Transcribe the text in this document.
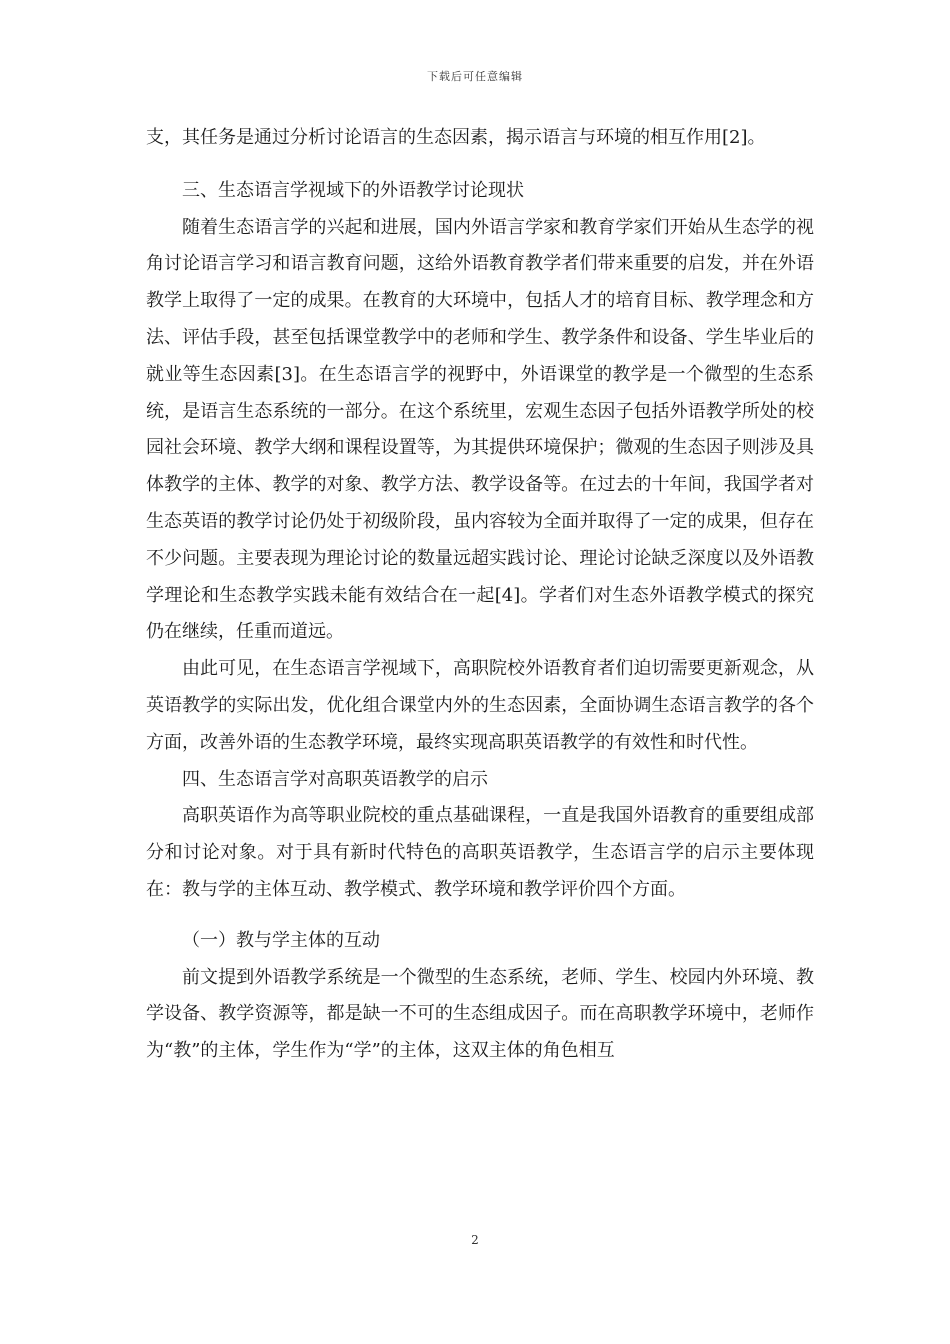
下载后可任意编辑

支，其任务是通过分析讨论语言的生态因素，揭示语言与环境的相互作用[2]。

三、生态语言学视域下的外语教学讨论现状

随着生态语言学的兴起和进展，国内外语言学家和教育学家们开始从生态学的视角讨论语言学习和语言教育问题，这给外语教育教学者们带来重要的启发，并在外语教学上取得了一定的成果。在教育的大环境中，包括人才的培育目标、教学理念和方法、评估手段，甚至包括课堂教学中的老师和学生、教学条件和设备、学生毕业后的就业等生态因素[3]。在生态语言学的视野中，外语课堂的教学是一个微型的生态系统，是语言生态系统的一部分。在这个系统里，宏观生态因子包括外语教学所处的校园社会环境、教学大纲和课程设置等，为其提供环境保护；微观的生态因子则涉及具体教学的主体、教学的对象、教学方法、教学设备等。在过去的十年间，我国学者对生态英语的教学讨论仍处于初级阶段，虽内容较为全面并取得了一定的成果，但存在不少问题。主要表现为理论讨论的数量远超实践讨论、理论讨论缺乏深度以及外语教学理论和生态教学实践未能有效结合在一起[4]。学者们对生态外语教学模式的探究仍在继续，任重而道远。

由此可见，在生态语言学视域下，高职院校外语教育者们迫切需要更新观念，从英语教学的实际出发，优化组合课堂内外的生态因素，全面协调生态语言教学的各个方面，改善外语的生态教学环境，最终实现高职英语教学的有效性和时代性。

四、生态语言学对高职英语教学的启示

高职英语作为高等职业院校的重点基础课程，一直是我国外语教育的重要组成部分和讨论对象。对于具有新时代特色的高职英语教学，生态语言学的启示主要体现在：教与学的主体互动、教学模式、教学环境和教学评价四个方面。

（一）教与学主体的互动

前文提到外语教学系统是一个微型的生态系统，老师、学生、校园内外环境、教学设备、教学资源等，都是缺一不可的生态组成因子。而在高职教学环境中，老师作为“教”的主体，学生作为“学”的主体，这双主体的角色相互

2
